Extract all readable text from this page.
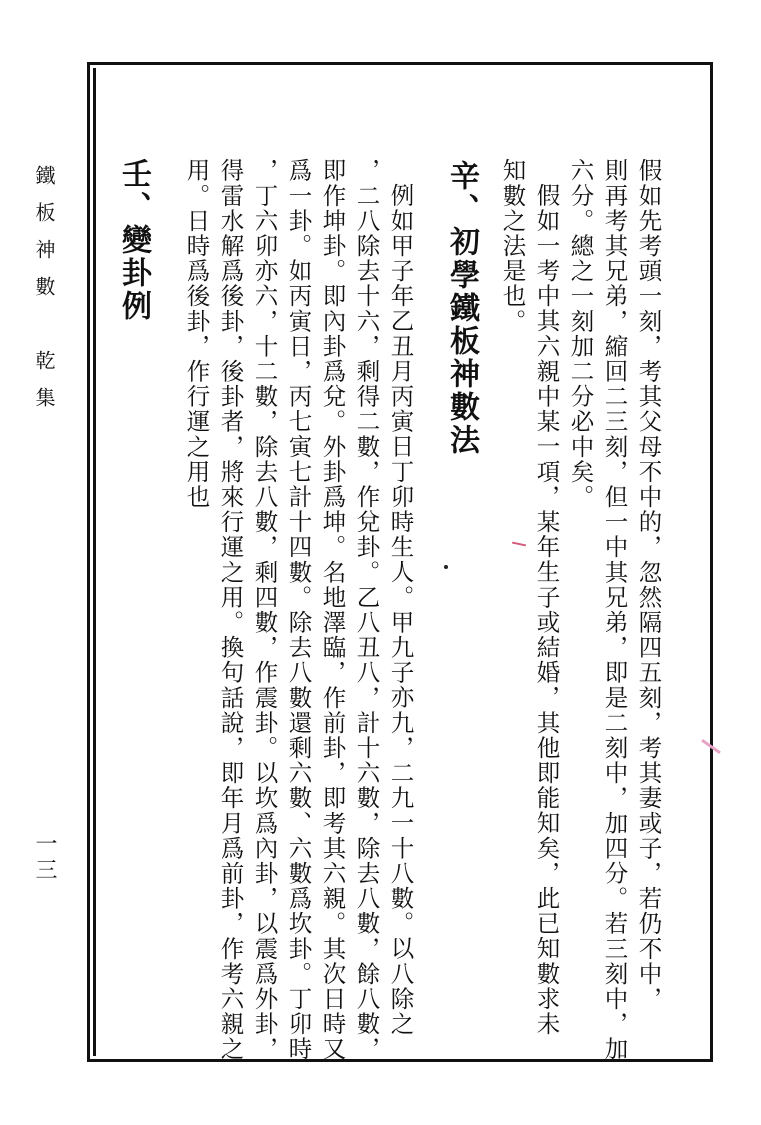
假如先考頭一刻，考其父母不中的，忽然隔四五刻，考其妻或子，若仍不中，
則再考其兄弟，縮回二三刻，但一中其兄弟，即是二刻中，加四分。若三刻中，加
六分。總之一刻加二分必中矣。
假如一考中其六親中某一項，某年生子或結婚，其他即能知矣，此已知數求未
知數之法是也。
辛、初學鐵板神數法
例如甲子年乙丑月丙寅日丁卯時生人。甲九子亦九，二九一十八數。以八除之
，二八除去十六，剩得二數，作兌卦。乙八丑八，計十六數，除去八數，餘八數，
即作坤卦。即內卦爲兌。外卦爲坤。名地澤臨，作前卦，即考其六親。其次日時又
爲一卦。如丙寅日，丙七寅七計十四數。除去八數還剩六數、六數爲坎卦。丁卯時
，丁六卯亦六，十二數，除去八數，剩四數，作震卦。以坎爲內卦，以震爲外卦，
得雷水解爲後卦，後卦者，將來行運之用。換句話說，即年月爲前卦，作考六親之
用。日時爲後卦，作行運之用也
壬、變卦例
鐵板神數　乾集
一三
